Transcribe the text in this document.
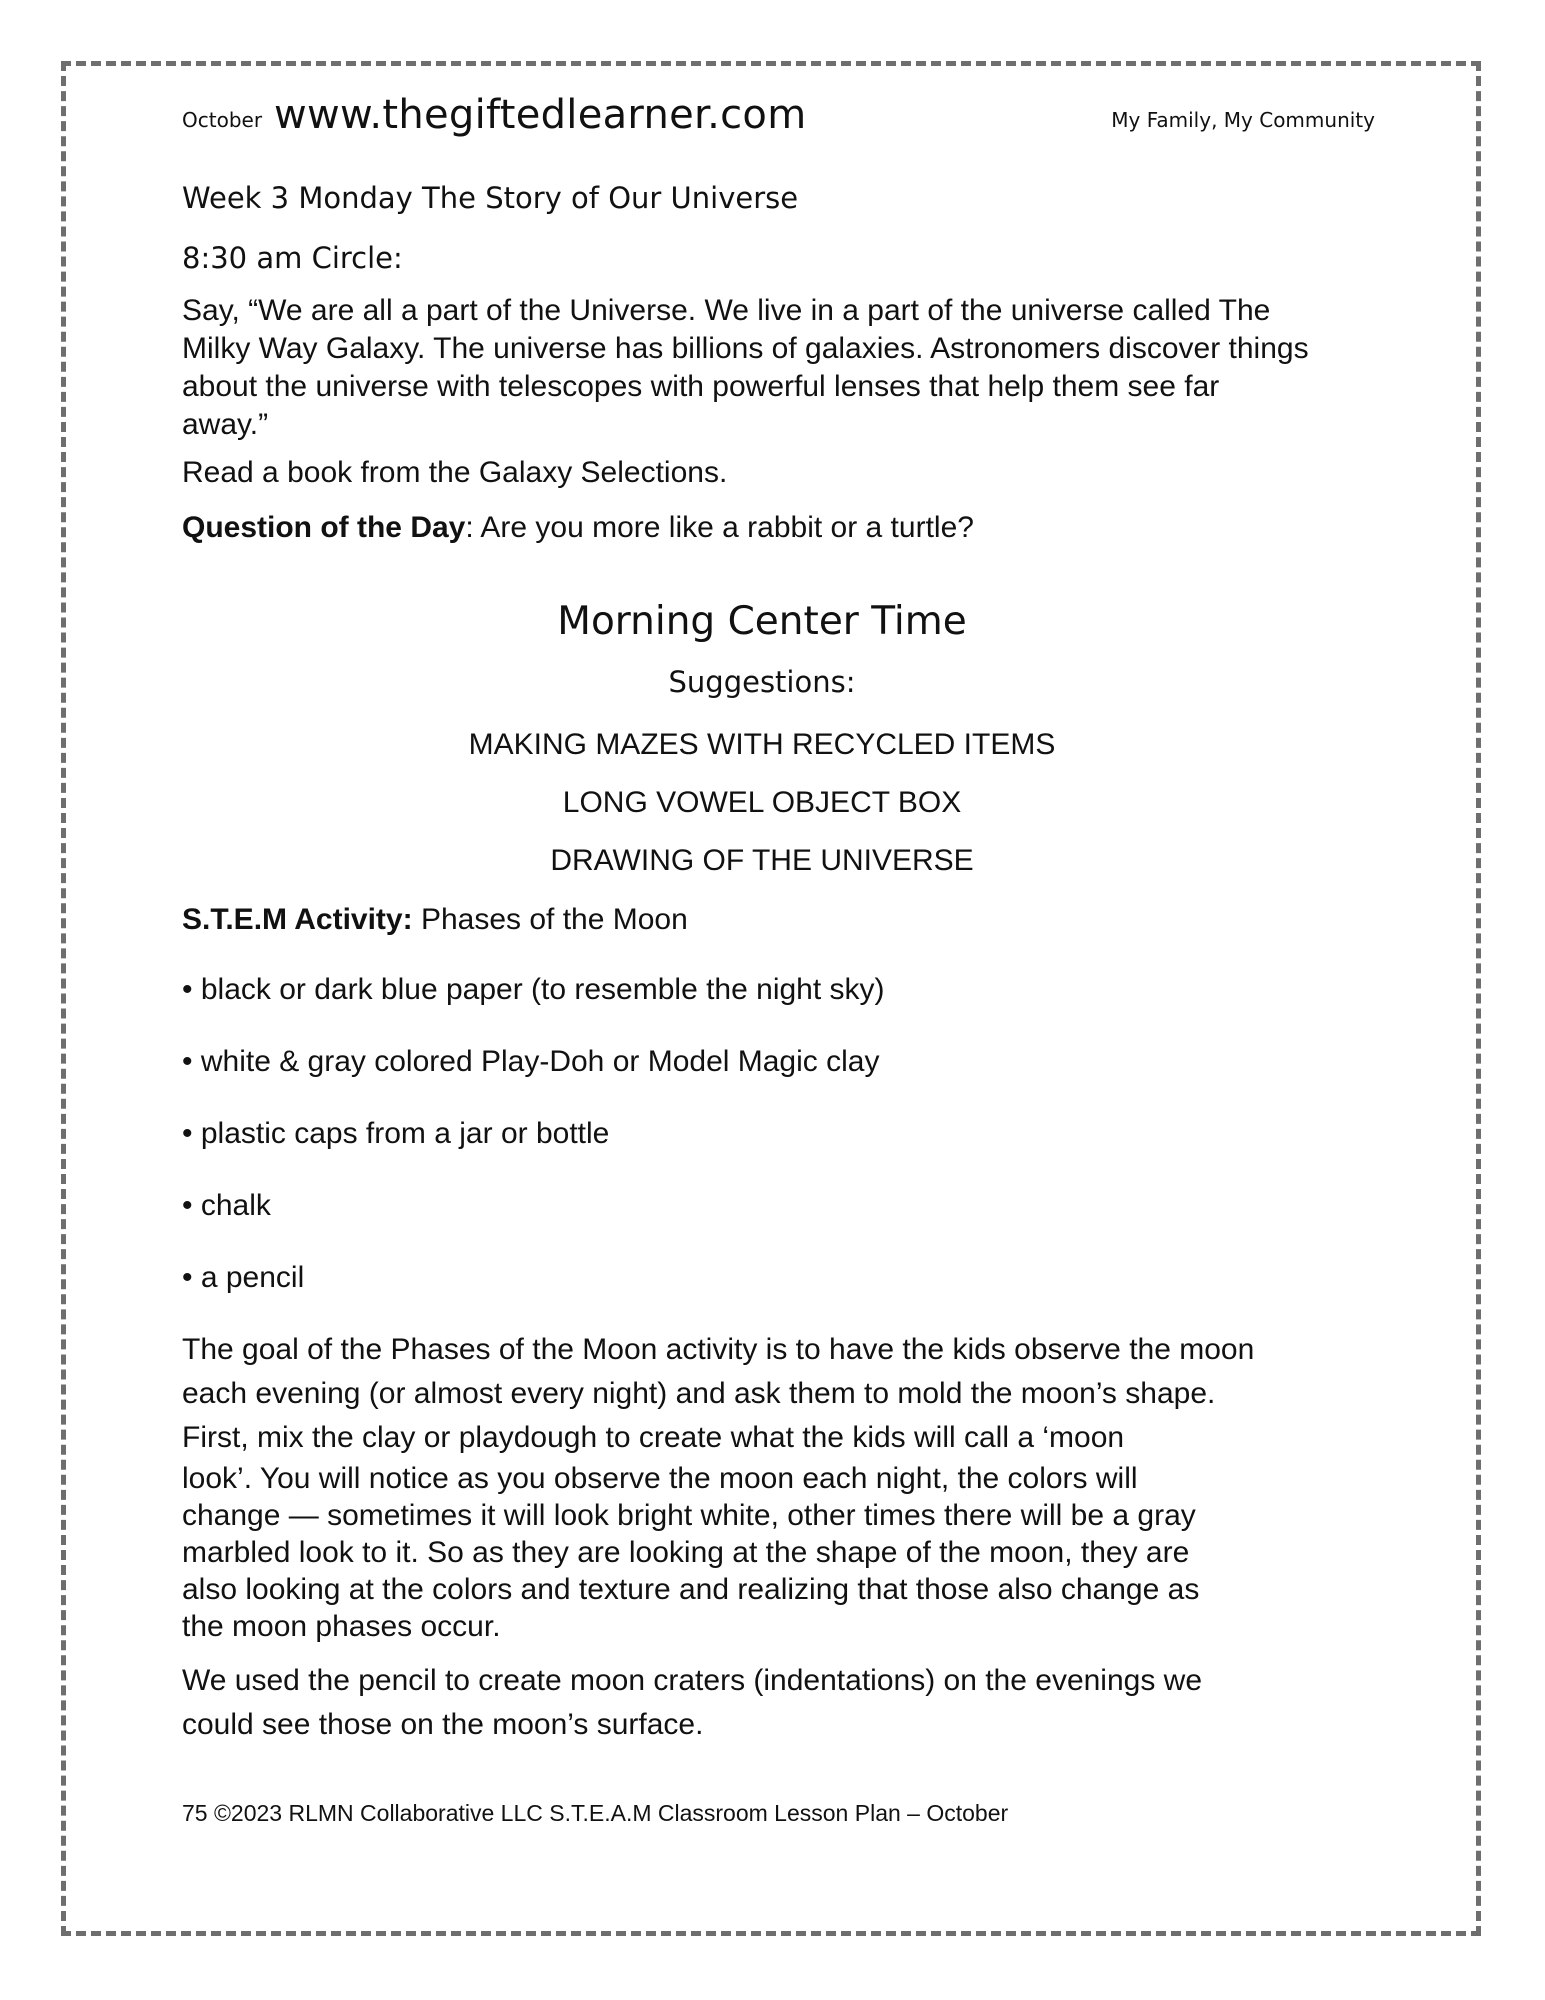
October www.thegiftedlearner.com	My Family, My Community

Week 3 Monday The Story of Our Universe

8:30 am Circle:

Say, “We are all a part of the Universe. We live in a part of the universe called The Milky Way Galaxy. The universe has billions of galaxies. Astronomers discover things about the universe with telescopes with powerful lenses that help them see far away.”

Read a book from the Galaxy Selections.

Question of the Day: Are you more like a rabbit or a turtle?

Morning Center Time

Suggestions:

MAKING MAZES WITH RECYCLED ITEMS

LONG VOWEL OBJECT BOX

DRAWING OF THE UNIVERSE

S.T.E.M Activity: Phases of the Moon

• black or dark blue paper (to resemble the night sky)

• white & gray colored Play-Doh or Model Magic clay

• plastic caps from a jar or bottle

• chalk

• a pencil

The goal of the Phases of the Moon activity is to have the kids observe the moon

each evening (or almost every night) and ask them to mold the moon’s shape.

First, mix the clay or playdough to create what the kids will call a ‘moon

look’. You will notice as you observe the moon each night, the colors will

change — sometimes it will look bright white, other times there will be a gray

marbled look to it. So as they are looking at the shape of the moon, they are

also looking at the colors and texture and realizing that those also change as

the moon phases occur.

We used the pencil to create moon craters (indentations) on the evenings we

could see those on the moon’s surface.

75 ©2023 RLMN Collaborative LLC S.T.E.A.M Classroom Lesson Plan – October
